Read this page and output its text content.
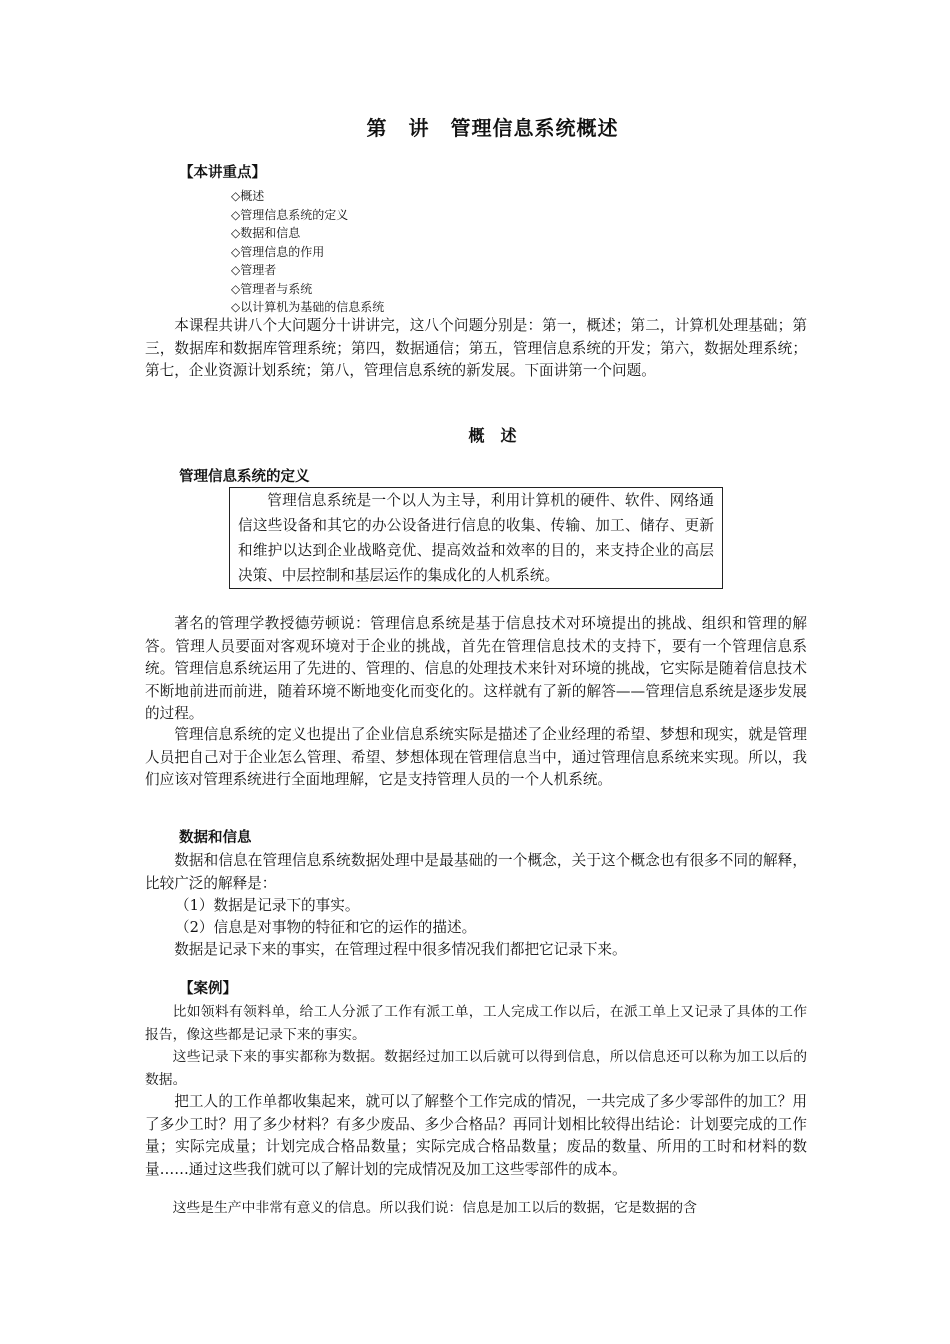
第　讲　管理信息系统概述
【本讲重点】
◇概述
◇管理信息系统的定义
◇数据和信息
◇管理信息的作用
◇管理者
◇管理者与系统
◇以计算机为基础的信息系统
本课程共讲八个大问题分十讲讲完，这八个问题分别是：第一，概述；第二，计算机处理基础；第三，数据库和数据库管理系统；第四，数据通信；第五，管理信息系统的开发；第六，数据处理系统；第七，企业资源计划系统；第八，管理信息系统的新发展。下面讲第一个问题。
概　述
管理信息系统的定义
管理信息系统是一个以人为主导，利用计算机的硬件、软件、网络通信这些设备和其它的办公设备进行信息的收集、传输、加工、储存、更新和维护以达到企业战略竞优、提高效益和效率的目的，来支持企业的高层决策、中层控制和基层运作的集成化的人机系统。
著名的管理学教授德劳顿说：管理信息系统是基于信息技术对环境提出的挑战、组织和管理的解答。管理人员要面对客观环境对于企业的挑战，首先在管理信息技术的支持下，要有一个管理信息系统。管理信息系统运用了先进的、管理的、信息的处理技术来针对环境的挑战，它实际是随着信息技术不断地前进而前进，随着环境不断地变化而变化的。这样就有了新的解答——管理信息系统是逐步发展的过程。
管理信息系统的定义也提出了企业信息系统实际是描述了企业经理的希望、梦想和现实，就是管理人员把自己对于企业怎么管理、希望、梦想体现在管理信息当中，通过管理信息系统来实现。所以，我们应该对管理系统进行全面地理解，它是支持管理人员的一个人机系统。
数据和信息
数据和信息在管理信息系统数据处理中是最基础的一个概念，关于这个概念也有很多不同的解释，比较广泛的解释是：
（1）数据是记录下的事实。
（2）信息是对事物的特征和它的运作的描述。
数据是记录下来的事实，在管理过程中很多情况我们都把它记录下来。
【案例】
比如领料有领料单，给工人分派了工作有派工单，工人完成工作以后，在派工单上又记录了具体的工作报告，像这些都是记录下来的事实。
这些记录下来的事实都称为数据。数据经过加工以后就可以得到信息，所以信息还可以称为加工以后的数据。
把工人的工作单都收集起来，就可以了解整个工作完成的情况，一共完成了多少零部件的加工？用了多少工时？用了多少材料？有多少废品、多少合格品？再同计划相比较得出结论：计划要完成的工作量；实际完成量；计划完成合格品数量；实际完成合格品数量；废品的数量、所用的工时和材料的数量……通过这些我们就可以了解计划的完成情况及加工这些零部件的成本。
这些是生产中非常有意义的信息。所以我们说：信息是加工以后的数据，它是数据的含
